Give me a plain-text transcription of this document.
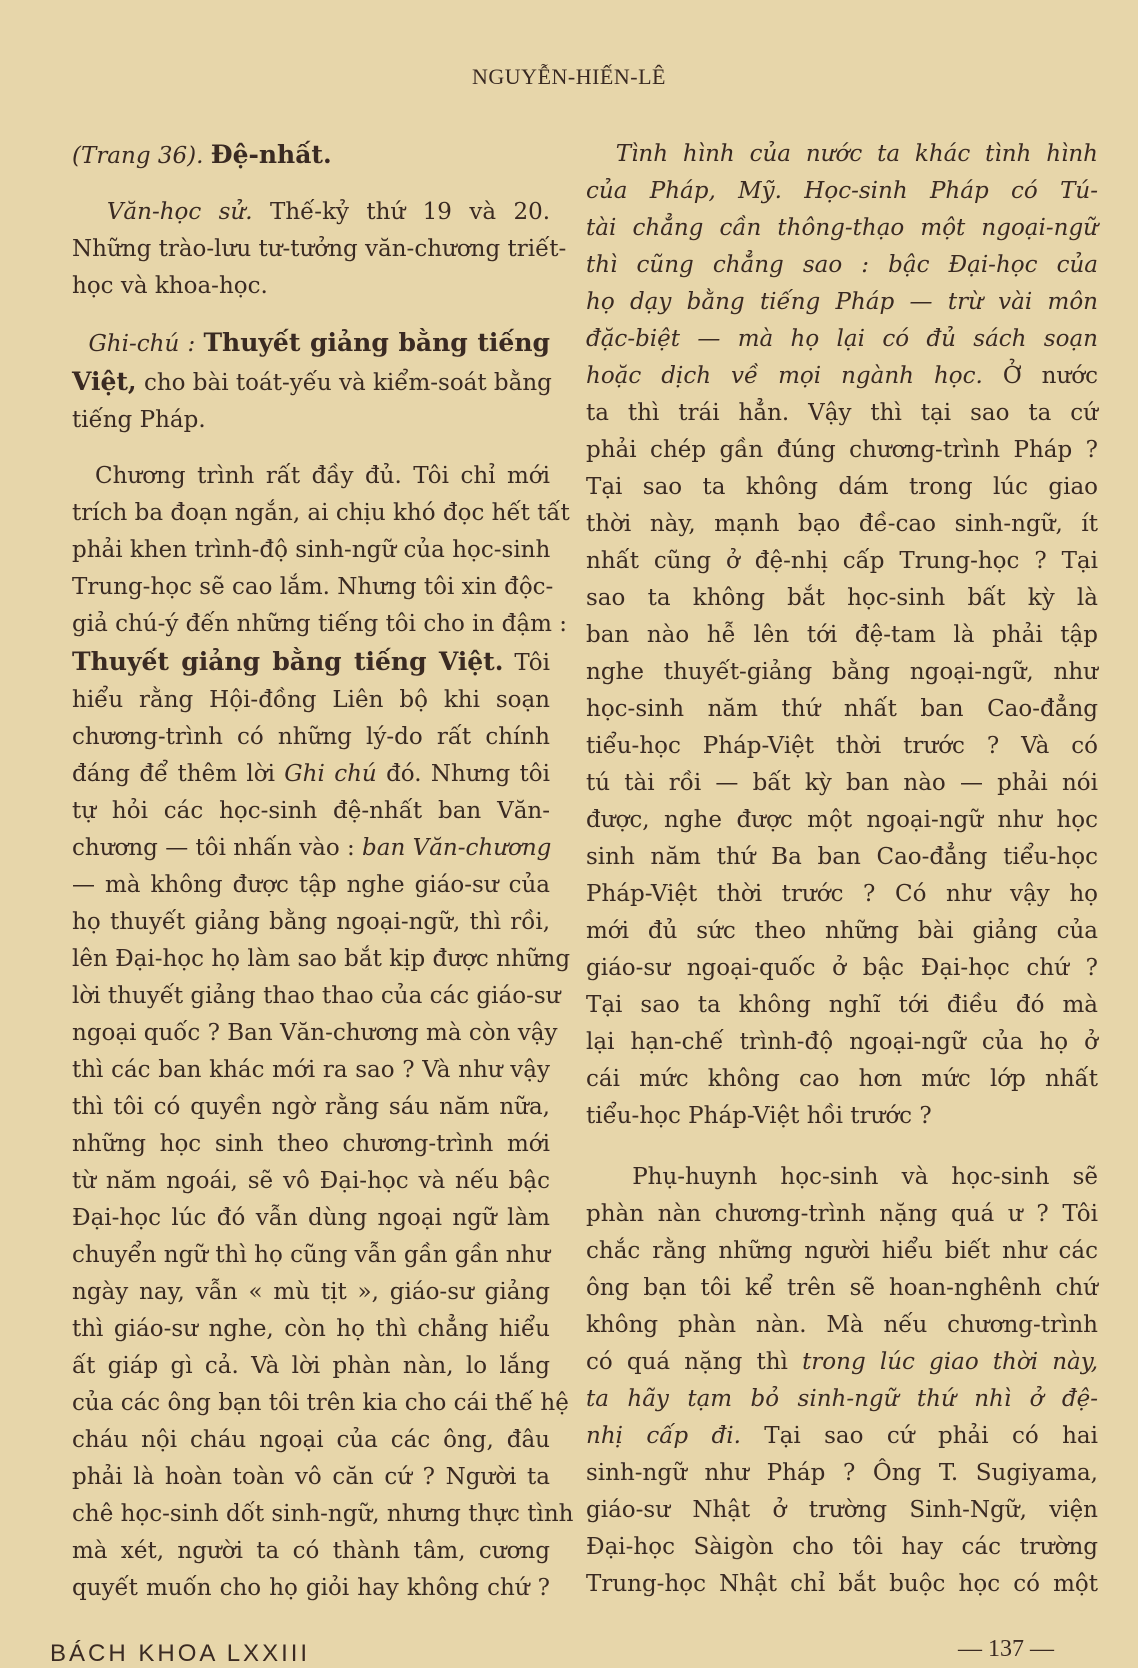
NGUYỄN-HIẾN-LÊ

(Trang 36). Đệ-nhất.

Văn-học sử. Thế-kỷ thứ 19 và 20.
Những trào-lưu tư-tưởng văn-chương triết-
học và khoa-học.

Ghi-chú : Thuyết giảng bằng tiếng
Việt, cho bài toát-yếu và kiểm-soát bằng
tiếng Pháp.

Chương trình rất đầy đủ. Tôi chỉ mới
trích ba đoạn ngắn, ai chịu khó đọc hết tất
phải khen trình-độ sinh-ngữ của học-sinh
Trung-học sẽ cao lắm. Nhưng tôi xin độc-
giả chú-ý đến những tiếng tôi cho in đậm :
Thuyết giảng bằng tiếng Việt. Tôi
hiểu rằng Hội-đồng Liên bộ khi soạn
chương-trình có những lý-do rất chính
đáng để thêm lời Ghi chú đó. Nhưng tôi
tự hỏi các học-sinh đệ-nhất ban Văn-
chương — tôi nhấn vào : ban Văn-chương
— mà không được tập nghe giáo-sư của
họ thuyết giảng bằng ngoại-ngữ, thì rồi,
lên Đại-học họ làm sao bắt kịp được những
lời thuyết giảng thao thao của các giáo-sư
ngoại quốc ? Ban Văn-chương mà còn vậy
thì các ban khác mới ra sao ? Và như vậy
thì tôi có quyền ngờ rằng sáu năm nữa,
những học sinh theo chương-trình mới
từ năm ngoái, sẽ vô Đại-học và nếu bậc
Đại-học lúc đó vẫn dùng ngoại ngữ làm
chuyển ngữ thì họ cũng vẫn gần gần như
ngày nay, vẫn « mù tịt », giáo-sư giảng
thì giáo-sư nghe, còn họ thì chẳng hiểu
ất giáp gì cả. Và lời phàn nàn, lo lắng
của các ông bạn tôi trên kia cho cái thế hệ
cháu nội cháu ngoại của các ông, đâu
phải là hoàn toàn vô căn cứ ? Người ta
chê học-sinh dốt sinh-ngữ, nhưng thực tình
mà xét, người ta có thành tâm, cương
quyết muốn cho họ giỏi hay không chứ ?

Tình hình của nước ta khác tình hình
của Pháp, Mỹ. Học-sinh Pháp có Tú-
tài chẳng cần thông-thạo một ngoại-ngữ
thì cũng chẳng sao : bậc Đại-học của
họ dạy bằng tiếng Pháp — trừ vài môn
đặc-biệt — mà họ lại có đủ sách soạn
hoặc dịch về mọi ngành học. Ở nước
ta thì trái hẳn. Vậy thì tại sao ta cứ
phải chép gần đúng chương-trình Pháp ?
Tại sao ta không dám trong lúc giao
thời này, mạnh bạo đề-cao sinh-ngữ, ít
nhất cũng ở đệ-nhị cấp Trung-học ? Tại
sao ta không bắt học-sinh bất kỳ là
ban nào hễ lên tới đệ-tam là phải tập
nghe thuyết-giảng bằng ngoại-ngữ, như
học-sinh năm thứ nhất ban Cao-đẳng
tiểu-học Pháp-Việt thời trước ? Và có
tú tài rồi — bất kỳ ban nào — phải nói
được, nghe được một ngoại-ngữ như học
sinh năm thứ Ba ban Cao-đẳng tiểu-học
Pháp-Việt thời trước ? Có như vậy họ
mới đủ sức theo những bài giảng của
giáo-sư ngoại-quốc ở bậc Đại-học chứ ?
Tại sao ta không nghĩ tới điều đó mà
lại hạn-chế trình-độ ngoại-ngữ của họ ở
cái mức không cao hơn mức lớp nhất
tiểu-học Pháp-Việt hồi trước ?

Phụ-huynh học-sinh và học-sinh sẽ
phàn nàn chương-trình nặng quá ư ? Tôi
chắc rằng những người hiểu biết như các
ông bạn tôi kể trên sẽ hoan-nghênh chứ
không phàn nàn. Mà nếu chương-trình
có quá nặng thì trong lúc giao thời này,
ta hãy tạm bỏ sinh-ngữ thứ nhì ở đệ-
nhị cấp đi. Tại sao cứ phải có hai
sinh-ngữ như Pháp ? Ông T. Sugiyama,
giáo-sư Nhật ở trường Sinh-Ngữ, viện
Đại-học Sàigòn cho tôi hay các trường
Trung-học Nhật chỉ bắt buộc học có một

BÁCH KHOA LXXIII	— 137 —
